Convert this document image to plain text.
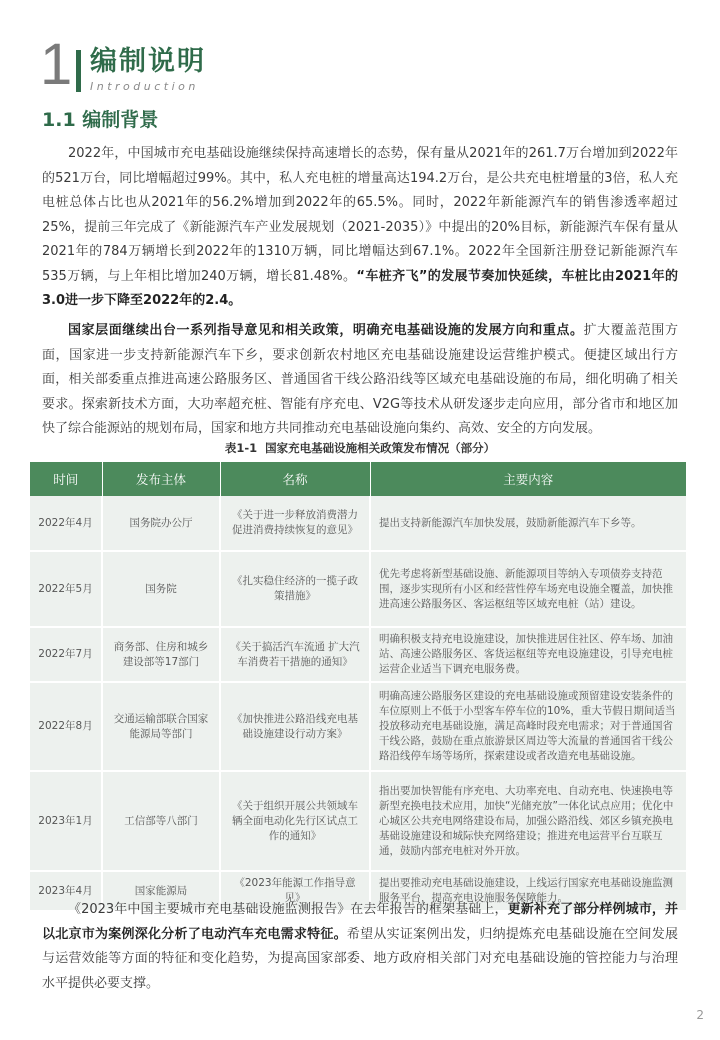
1 编制说明
Introduction
1.1 编制背景

2022年，中国城市充电基础设施继续保持高速增长的态势，保有量从2021年的261.7万台增加到2022年的521万台，同比增幅超过99%。其中，私人充电桩的增量高达194.2万台，是公共充电桩增量的3倍，私人充电桩总体占比也从2021年的56.2%增加到2022年的65.5%。同时，2022年新能源汽车的销售渗透率超过25%，提前三年完成了《新能源汽车产业发展规划（2021-2035）》中提出的20%目标，新能源汽车保有量从2021年的784万辆增长到2022年的1310万辆，同比增幅达到67.1%。2022年全国新注册登记新能源汽车535万辆，与上年相比增加240万辆，增长81.48%。“车桩齐飞”的发展节奏加快延续，车桩比由2021年的3.0进一步下降至2022年的2.4。

国家层面继续出台一系列指导意见和相关政策，明确充电基础设施的发展方向和重点。扩大覆盖范围方面，国家进一步支持新能源汽车下乡，要求创新农村地区充电基础设施建设运营维护模式。便捷区域出行方面，相关部委重点推进高速公路服务区、普通国省干线公路沿线等区域充电基础设施的布局，细化明确了相关要求。探索新技术方面，大功率超充桩、智能有序充电、V2G等技术从研发逐步走向应用，部分省市和地区加快了综合能源站的规划布局，国家和地方共同推动充电基础设施向集约、高效、安全的方向发展。

表1-1 国家充电基础设施相关政策发布情况（部分）
时间	发布主体	名称	主要内容
2022年4月	国务院办公厅	《关于进一步释放消费潜力促进消费持续恢复的意见》	提出支持新能源汽车加快发展，鼓励新能源汽车下乡等。
2022年5月	国务院	《扎实稳住经济的一揽子政策措施》	优先考虑将新型基础设施、新能源项目等纳入专项债券支持范围，逐步实现所有小区和经营性停车场充电设施全覆盖，加快推进高速公路服务区、客运枢纽等区域充电桩（站）建设。
2022年7月	商务部、住房和城乡建设部等17部门	《关于搞活汽车流通 扩大汽车消费若干措施的通知》	明确积极支持充电设施建设，加快推进居住社区、停车场、加油站、高速公路服务区、客货运枢纽等充电设施建设，引导充电桩运营企业适当下调充电服务费。
2022年8月	交通运输部联合国家能源局等部门	《加快推进公路沿线充电基础设施建设行动方案》	明确高速公路服务区建设的充电基础设施或预留建设安装条件的车位原则上不低于小型客车停车位的10%，重大节假日期间适当投放移动充电基础设施，满足高峰时段充电需求；对于普通国省干线公路，鼓励在重点旅游景区周边等大流量的普通国省干线公路沿线停车场等场所，探索建设或者改造充电基础设施。
2023年1月	工信部等八部门	《关于组织开展公共领域车辆全面电动化先行区试点工作的通知》	指出要加快智能有序充电、大功率充电、自动充电、快速换电等新型充换电技术应用，加快“光储充放”一体化试点应用；优化中心城区公共充电网络建设布局，加强公路沿线、郊区乡镇充换电基础设施建设和城际快充网络建设；推进充电运营平台互联互通，鼓励内部充电桩对外开放。
2023年4月	国家能源局	《2023年能源工作指导意见》	提出要推动充电基础设施建设，上线运行国家充电基础设施监测服务平台，提高充电设施服务保障能力。

《2023年中国主要城市充电基础设施监测报告》在去年报告的框架基础上，更新补充了部分样例城市，并以北京市为案例深化分析了电动汽车充电需求特征。希望从实证案例出发，归纳提炼充电基础设施在空间发展与运营效能等方面的特征和变化趋势，为提高国家部委、地方政府相关部门对充电基础设施的管控能力与治理水平提供必要支撑。

2
